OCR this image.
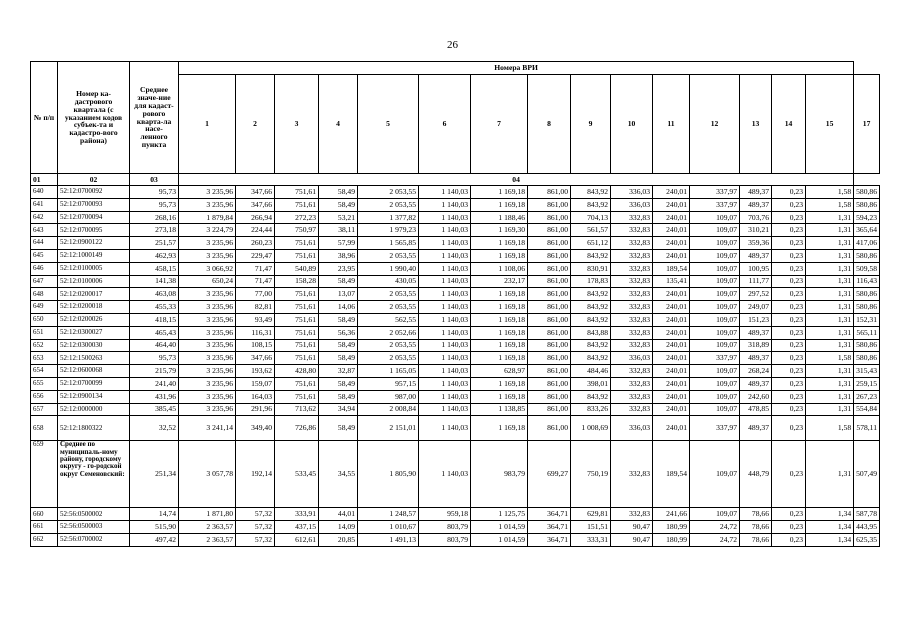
26
№ п/п	Номер ка-дастрового квартала (с указанием кодов субъек-та и кадастро-вого района)	Среднее значе-ние для кадаст-рового кварта-ла насе-ленного пункта	Номера ВРИ															
			1	2	3	4	5	6	7	8	9	10	11	12	13	14	15	17
01	02	03	04															
640	52:12:0700092	95,73	3 235,96	347,66	751,61	58,49	2 053,55	1 140,03	1 169,18	861,00	843,92	336,03	240,01	337,97	489,37	0,23	1,58	580,86
641	52:12:0700093	95,73	3 235,96	347,66	751,61	58,49	2 053,55	1 140,03	1 169,18	861,00	843,92	336,03	240,01	337,97	489,37	0,23	1,58	580,86
642	52:12:0700094	268,16	1 879,84	266,94	272,23	53,21	1 377,82	1 140,03	1 188,46	861,00	704,13	332,83	240,01	109,07	703,76	0,23	1,31	594,23
643	52:12:0700095	273,18	3 224,79	224,44	750,97	38,11	1 979,23	1 140,03	1 169,30	861,00	561,57	332,83	240,01	109,07	310,21	0,23	1,31	365,64
644	52:12:0900122	251,57	3 235,96	260,23	751,61	57,99	1 565,85	1 140,03	1 169,18	861,00	651,12	332,83	240,01	109,07	359,36	0,23	1,31	417,06
645	52:12:1000149	462,93	3 235,96	229,47	751,61	38,96	2 053,55	1 140,03	1 169,18	861,00	843,92	332,83	240,01	109,07	489,37	0,23	1,31	580,86
646	52:12:0100005	458,15	3 066,92	71,47	540,89	23,95	1 990,40	1 140,03	1 108,06	861,00	830,91	332,83	189,54	109,07	100,95	0,23	1,31	509,58
647	52:12:0100006	141,38	650,24	71,47	158,28	58,49	430,05	1 140,03	232,17	861,00	178,83	332,83	135,41	109,07	111,77	0,23	1,31	116,43
648	52:12:0200017	463,08	3 235,96	77,00	751,61	13,07	2 053,55	1 140,03	1 169,18	861,00	843,92	332,83	240,01	109,07	297,52	0,23	1,31	580,86
649	52:12:0200018	455,33	3 235,96	82,81	751,61	14,06	2 053,55	1 140,03	1 169,18	861,00	843,92	332,83	240,01	109,07	249,07	0,23	1,31	580,86
650	52:12:0200026	418,15	3 235,96	93,49	751,61	58,49	562,55	1 140,03	1 169,18	861,00	843,92	332,83	240,01	109,07	151,23	0,23	1,31	152,31
651	52:12:0300027	465,43	3 235,96	116,31	751,61	56,36	2 052,66	1 140,03	1 169,18	861,00	843,88	332,83	240,01	109,07	489,37	0,23	1,31	565,11
652	52:12:0300030	464,40	3 235,96	108,15	751,61	58,49	2 053,55	1 140,03	1 169,18	861,00	843,92	332,83	240,01	109,07	318,89	0,23	1,31	580,86
653	52:12:1500263	95,73	3 235,96	347,66	751,61	58,49	2 053,55	1 140,03	1 169,18	861,00	843,92	336,03	240,01	337,97	489,37	0,23	1,58	580,86
654	52:12:0600068	215,79	3 235,96	193,62	428,80	32,87	1 165,05	1 140,03	628,97	861,00	484,46	332,83	240,01	109,07	268,24	0,23	1,31	315,43
655	52:12:0700099	241,40	3 235,96	159,07	751,61	58,49	957,15	1 140,03	1 169,18	861,00	398,01	332,83	240,01	109,07	489,37	0,23	1,31	259,15
656	52:12:0900134	431,96	3 235,96	164,03	751,61	58,49	987,00	1 140,03	1 169,18	861,00	843,92	332,83	240,01	109,07	242,60	0,23	1,31	267,23
657	52:12:0000000	385,45	3 235,96	291,96	713,62	34,94	2 008,84	1 140,03	1 138,85	861,00	833,26	332,83	240,01	109,07	478,85	0,23	1,31	554,84
658	52:12:1800322	32,52	3 241,14	349,40	726,86	58,49	2 151,01	1 140,03	1 169,18	861,00	1 008,69	336,03	240,01	337,97	489,37	0,23	1,58	578,11
659	Среднее по муниципаль-ному району, городскому округу - го-родской округ Семеновский:	251,34	3 057,78	192,14	533,45	34,55	1 805,90	1 140,03	983,79	699,27	750,19	332,83	189,54	109,07	448,79	0,23	1,31	507,49
660	52:56:0500002	14,74	1 871,80	57,32	333,91	44,01	1 248,57	959,18	1 125,75	364,71	629,81	332,83	241,66	109,07	78,66	0,23	1,34	587,78
661	52:56:0500003	515,90	2 363,57	57,32	437,15	14,09	1 010,67	803,79	1 014,59	364,71	151,51	90,47	180,99	24,72	78,66	0,23	1,34	443,95
662	52:56:0700002	497,42	2 363,57	57,32	612,61	20,85	1 491,13	803,79	1 014,59	364,71	333,31	90,47	180,99	24,72	78,66	0,23	1,34	625,35
